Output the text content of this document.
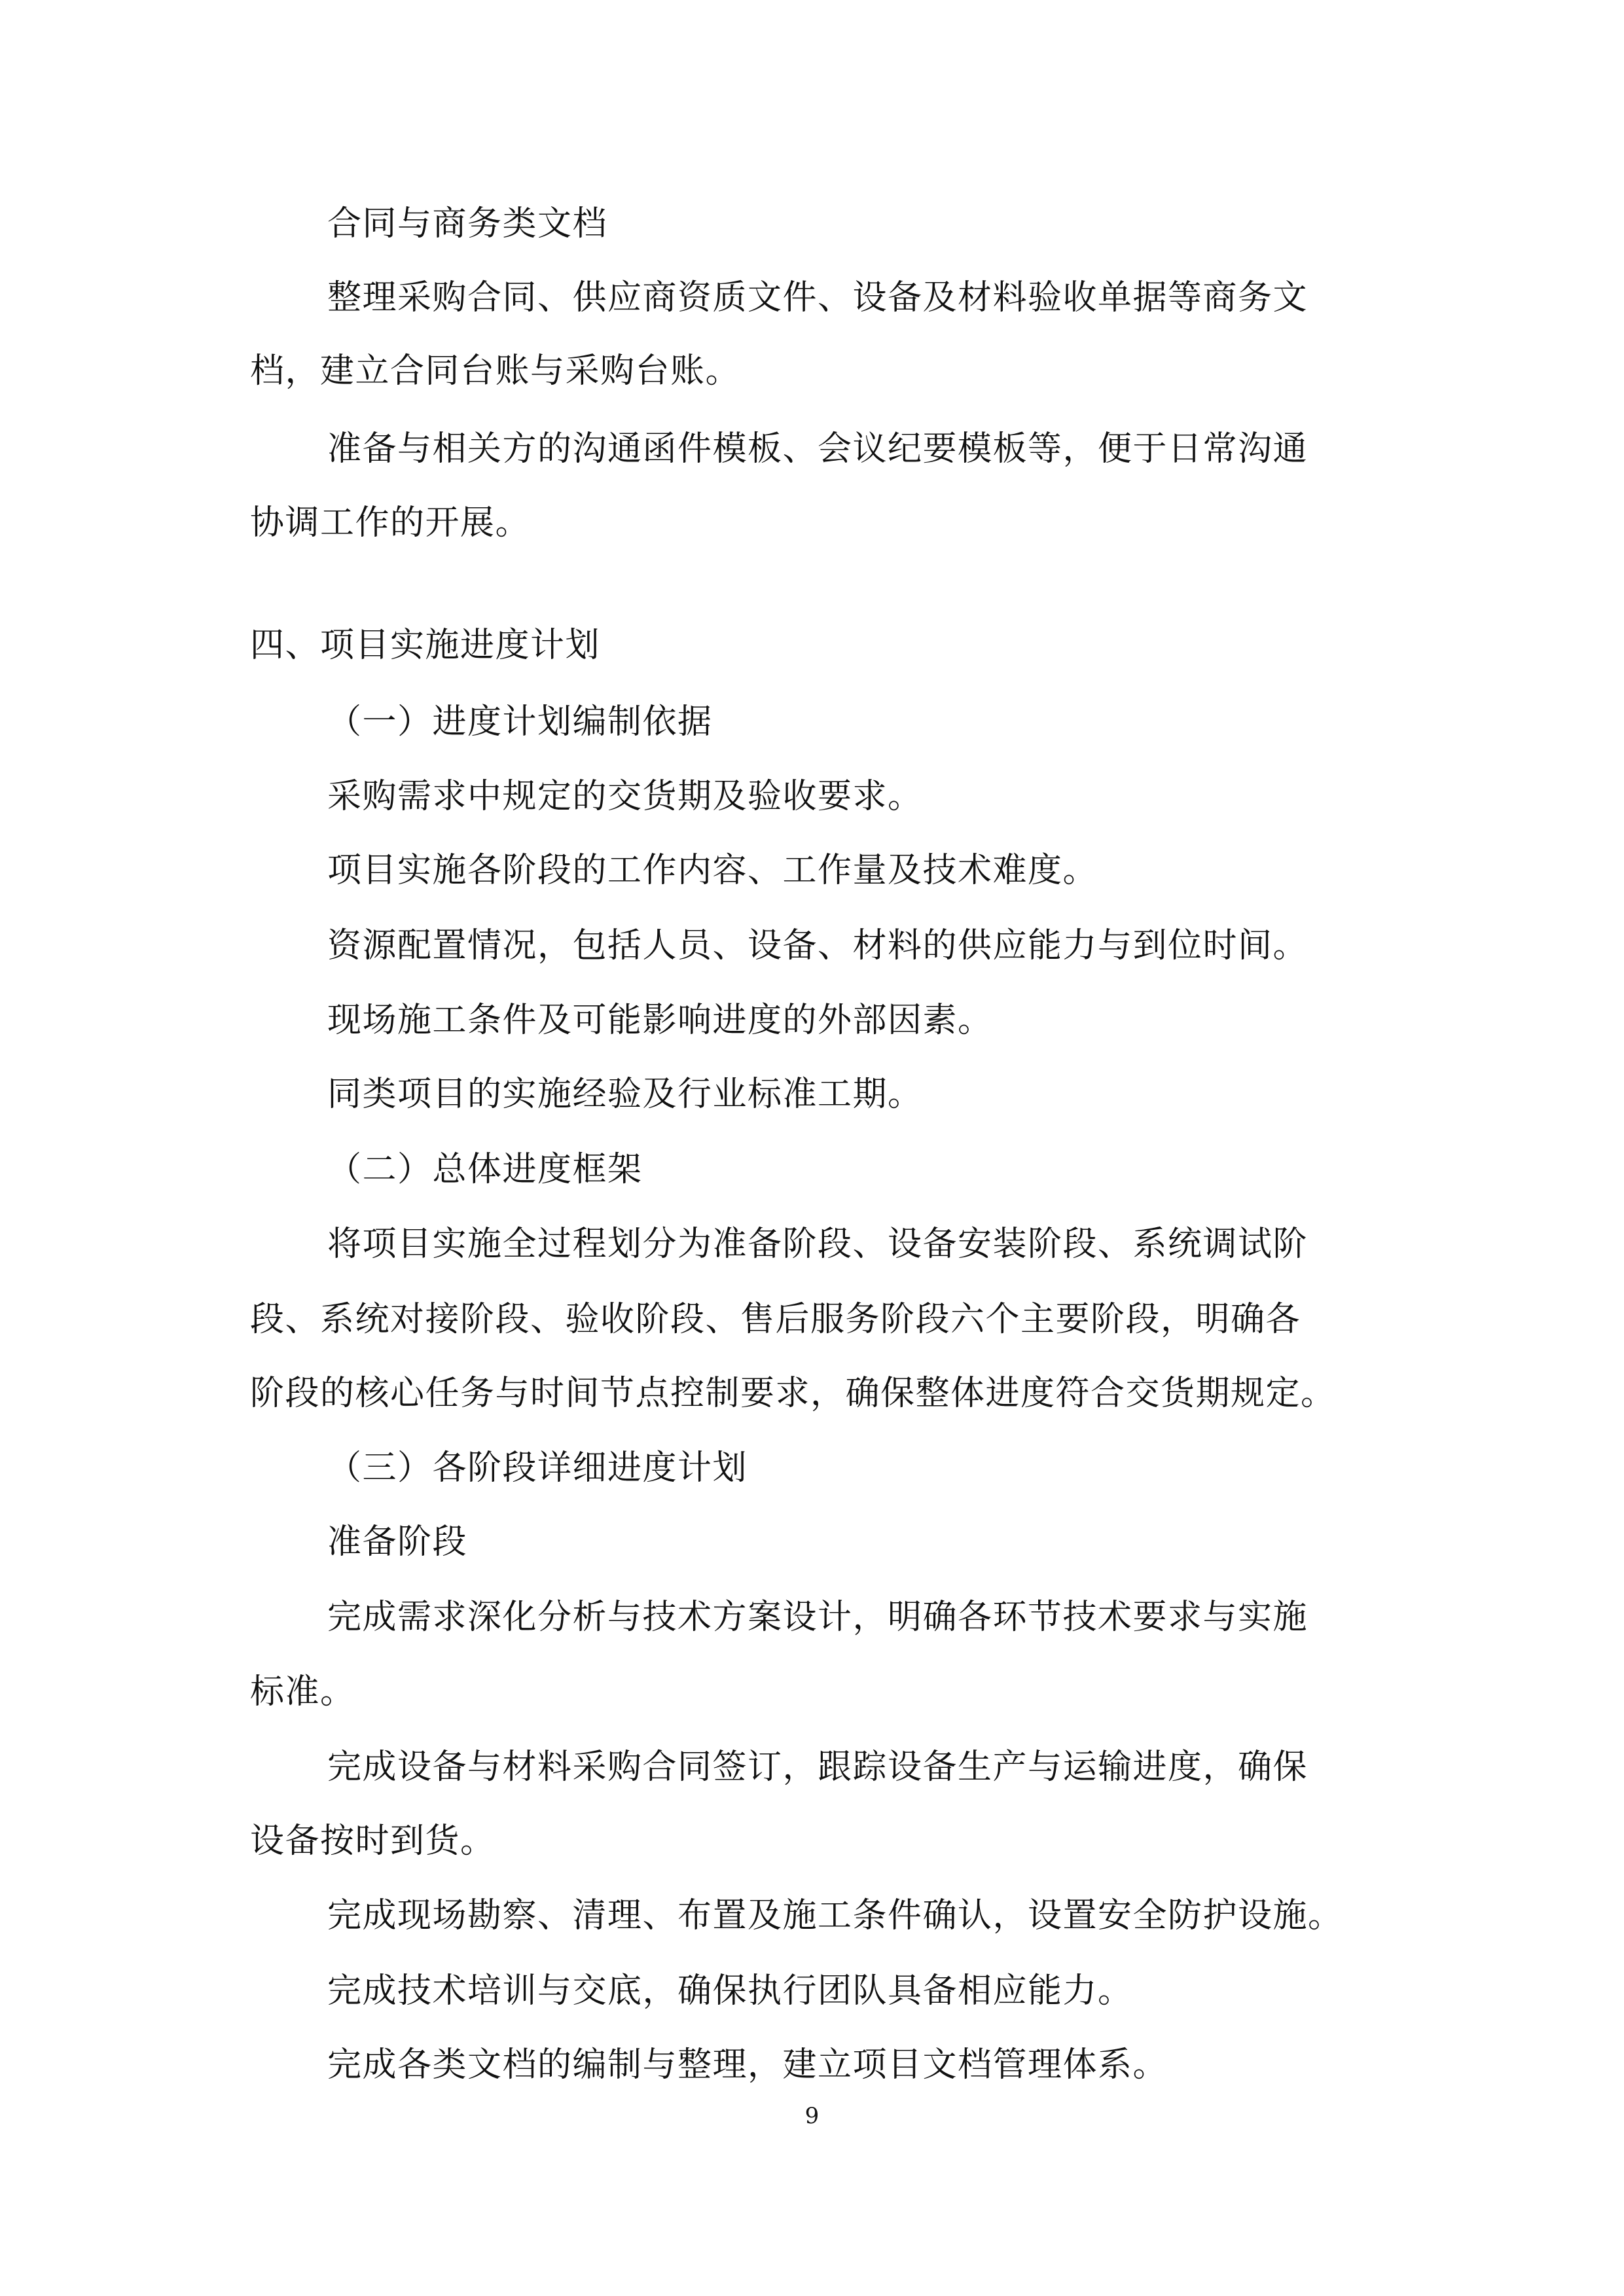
合同与商务类文档
整理采购合同、供应商资质文件、设备及材料验收单据等商务文
档，建立合同台账与采购台账。
准备与相关方的沟通函件模板、会议纪要模板等，便于日常沟通
协调工作的开展。
四、项目实施进度计划
（一）进度计划编制依据
采购需求中规定的交货期及验收要求。
项目实施各阶段的工作内容、工作量及技术难度。
资源配置情况，包括人员、设备、材料的供应能力与到位时间。
现场施工条件及可能影响进度的外部因素。
同类项目的实施经验及行业标准工期。
（二）总体进度框架
将项目实施全过程划分为准备阶段、设备安装阶段、系统调试阶
段、系统对接阶段、验收阶段、售后服务阶段六个主要阶段，明确各
阶段的核心任务与时间节点控制要求，确保整体进度符合交货期规定。
（三）各阶段详细进度计划
准备阶段
完成需求深化分析与技术方案设计，明确各环节技术要求与实施
标准。
完成设备与材料采购合同签订，跟踪设备生产与运输进度，确保
设备按时到货。
完成现场勘察、清理、布置及施工条件确认，设置安全防护设施。
完成技术培训与交底，确保执行团队具备相应能力。
完成各类文档的编制与整理，建立项目文档管理体系。
9
